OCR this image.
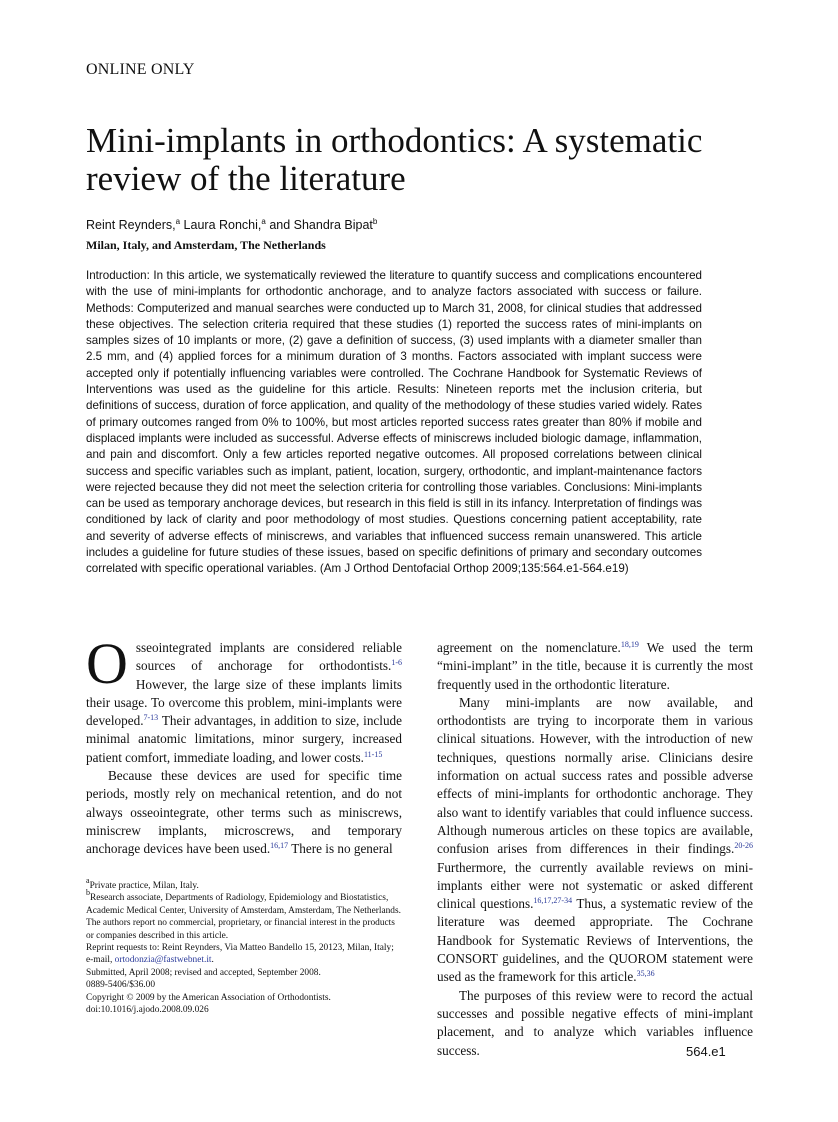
ONLINE ONLY
Mini-implants in orthodontics: A systematic review of the literature
Reint Reynders,$^a$ Laura Ronchi,$^a$ and Shandra Bipat$^b$
Milan, Italy, and Amsterdam, The Netherlands

Introduction: In this article, we systematically reviewed the literature to quantify success and complications encountered with the use of mini-implants for orthodontic anchorage, and to analyze factors associated with success or failure. Methods: Computerized and manual searches were conducted up to March 31, 2008, for clinical studies that addressed these objectives. The selection criteria required that these studies (1) reported the success rates of mini-implants on samples sizes of 10 implants or more, (2) gave a definition of success, (3) used implants with a diameter smaller than 2.5 mm, and (4) applied forces for a minimum duration of 3 months. Factors associated with implant success were accepted only if potentially influencing variables were controlled. The Cochrane Handbook for Systematic Reviews of Interventions was used as the guideline for this article. Results: Nineteen reports met the inclusion criteria, but definitions of success, duration of force application, and quality of the methodology of these studies varied widely. Rates of primary outcomes ranged from 0% to 100%, but most articles reported success rates greater than 80% if mobile and displaced implants were included as successful. Adverse effects of miniscrews included biologic damage, inflammation, and pain and discomfort. Only a few articles reported negative outcomes. All proposed correlations between clinical success and specific variables such as implant, patient, location, surgery, orthodontic, and implant-maintenance factors were rejected because they did not meet the selection criteria for controlling those variables. Conclusions: Mini-implants can be used as temporary anchorage devices, but research in this field is still in its infancy. Interpretation of findings was conditioned by lack of clarity and poor methodology of most studies. Questions concerning patient acceptability, rate and severity of adverse effects of miniscrews, and variables that influenced success remain unanswered. This article includes a guideline for future studies of these issues, based on specific definitions of primary and secondary outcomes correlated with specific operational variables. (Am J Orthod Dentofacial Orthop 2009;135:564.e1-564.e19)

Osseointegrated implants are considered reliable sources of anchorage for orthodontists.$^{1-6}$ However, the large size of these implants limits their usage. To overcome this problem, mini-implants were developed.$^{7-13}$ Their advantages, in addition to size, include minimal anatomic limitations, minor surgery, increased patient comfort, immediate loading, and lower costs.$^{11-15}$

Because these devices are used for specific time periods, mostly rely on mechanical retention, and do not always osseointegrate, other terms such as miniscrews, miniscrew implants, microscrews, and temporary anchorage devices have been used.$^{16,17}$ There is no general

agreement on the nomenclature.$^{18,19}$ We used the term “mini-implant” in the title, because it is currently the most frequently used in the orthodontic literature.

Many mini-implants are now available, and orthodontists are trying to incorporate them in various clinical situations. However, with the introduction of new techniques, questions normally arise. Clinicians desire information on actual success rates and possible adverse effects of mini-implants for orthodontic anchorage. They also want to identify variables that could influence success. Although numerous articles on these topics are available, confusion arises from differences in their findings.$^{20-26}$ Furthermore, the currently available reviews on mini-implants either were not systematic or asked different clinical questions.$^{16,17,27-34}$ Thus, a systematic review of the literature was deemed appropriate. The Cochrane Handbook for Systematic Reviews of Interventions, the CONSORT guidelines, and the QUOROM statement were used as the framework for this article.$^{35,36}$

The purposes of this review were to record the actual successes and possible negative effects of mini-implant placement, and to analyze which variables influence success.

$^a$Private practice, Milan, Italy.
$^b$Research associate, Departments of Radiology, Epidemiology and Biostatistics, Academic Medical Center, University of Amsterdam, Amsterdam, The Netherlands.
The authors report no commercial, proprietary, or financial interest in the products or companies described in this article.
Reprint requests to: Reint Reynders, Via Matteo Bandello 15, 20123, Milan, Italy; e-mail, ortodonzia@fastwebnet.it.
Submitted, April 2008; revised and accepted, September 2008.
0889-5406/$36.00
Copyright © 2009 by the American Association of Orthodontists.
doi:10.1016/j.ajodo.2008.09.026
564.e1
